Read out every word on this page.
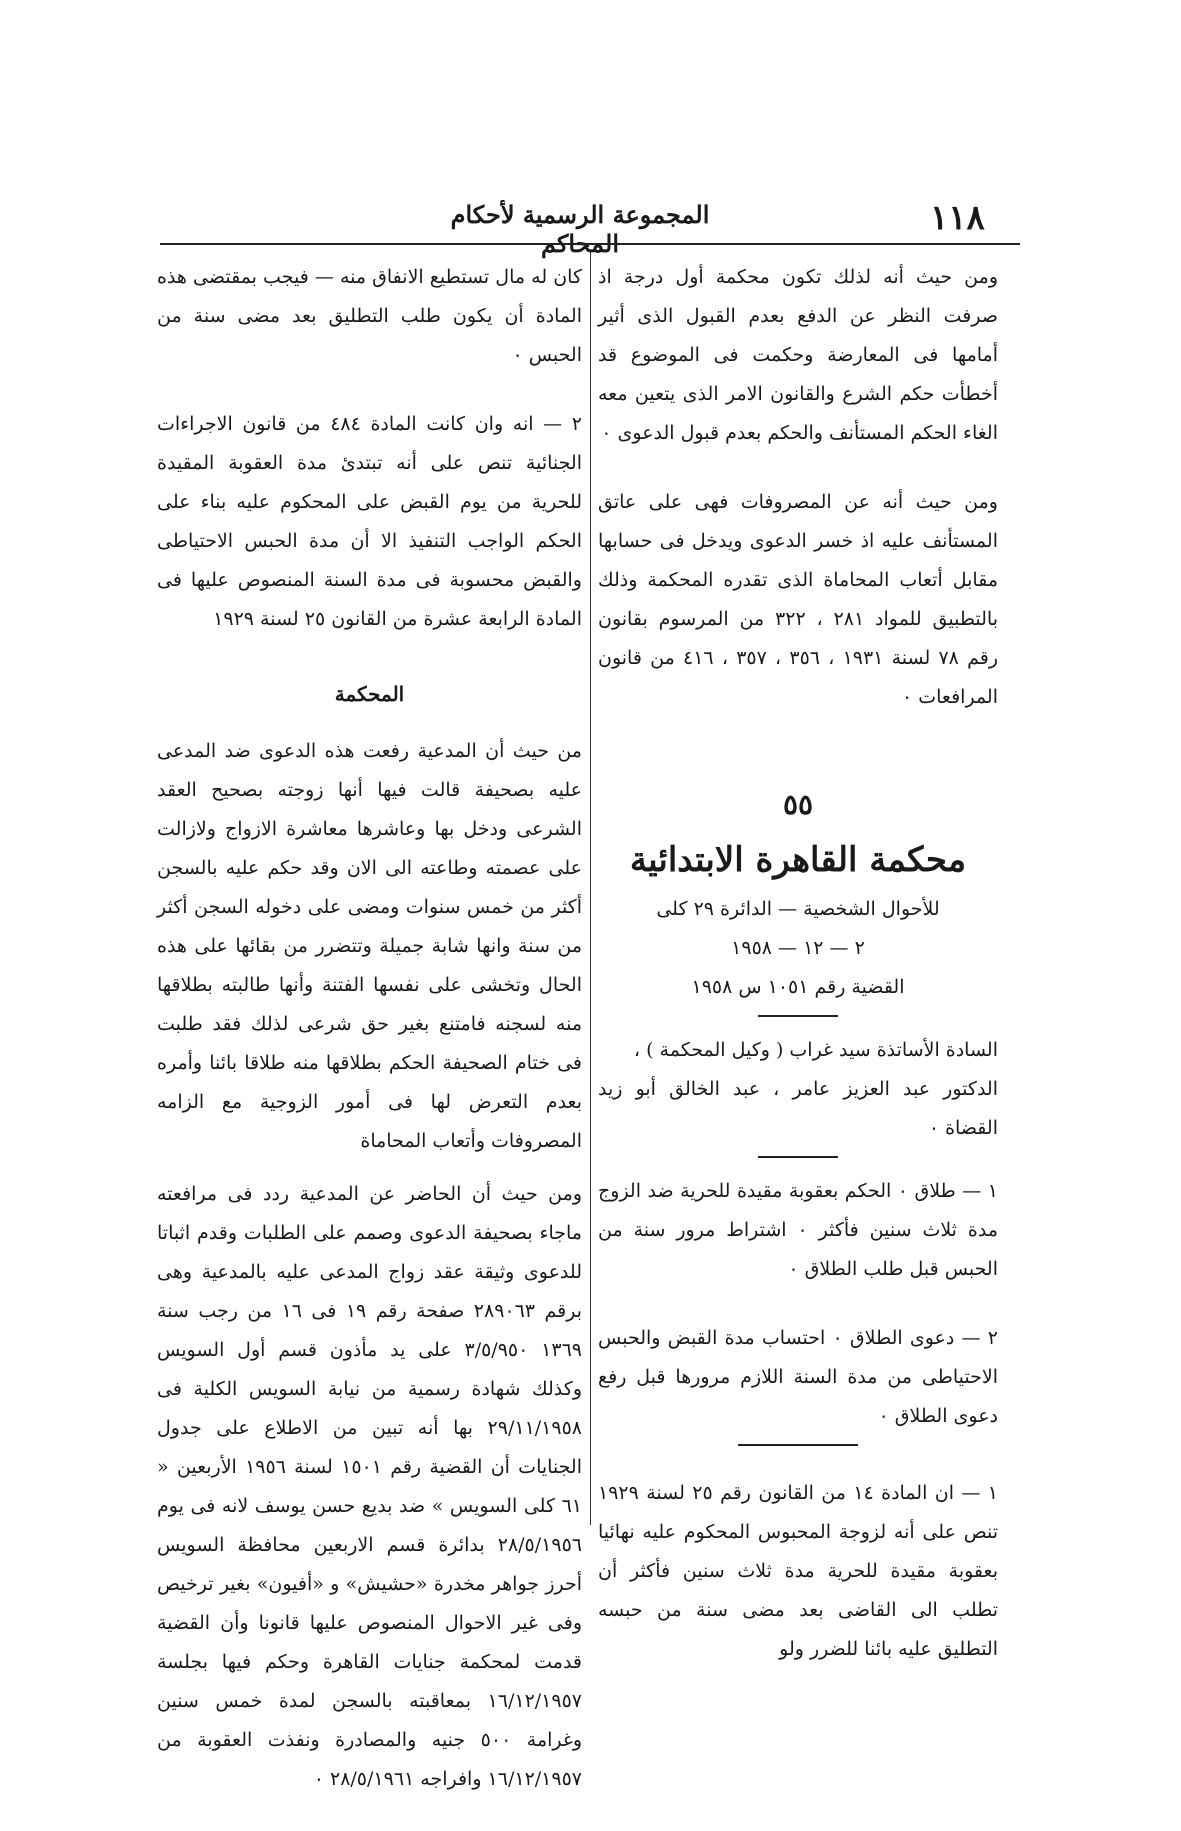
١١٨
المجموعة الرسمية لأحكام المحاكم

ومن حيث أنه لذلك تكون محكمة أول درجة اذ صرفت النظر عن الدفع بعدم القبول الذى أثير أمامها فى المعارضة وحكمت فى الموضوع قد أخطأت حكم الشرع والقانون الامر الذى يتعين معه الغاء الحكم المستأنف والحكم بعدم قبول الدعوى ٠

ومن حيث أنه عن المصروفات فهى على عاتق المستأنف عليه اذ خسر الدعوى ويدخل فى حسابها مقابل أتعاب المحاماة الذى تقدره المحكمة وذلك بالتطبيق للمواد ٢٨١ ، ٣٢٢ من المرسوم بقانون رقم ٧٨ لسنة ١٩٣١ ، ٣٥٦ ، ٣٥٧ ، ٤١٦ من قانون المرافعات ٠

٥٥
محكمة القاهرة الابتدائية
للأحوال الشخصية — الدائرة ٢٩ كلى
٢ — ١٢ — ١٩٥٨
القضية رقم ١٠٥١ س ١٩٥٨

السادة الأساتذة سيد غراب ( وكيل المحكمة ) ،

الدكتور عبد العزيز عامر ، عبد الخالق أبو زيد القضاة ٠

١ — طلاق ٠ الحكم بعقوبة مقيدة للحرية ضد الزوج مدة ثلاث سنين فأكثر ٠ اشتراط مرور سنة من الحبس قبل طلب الطلاق ٠

٢ — دعوى الطلاق ٠ احتساب مدة القبض والحبس الاحتياطى من مدة السنة اللازم مرورها قبل رفع دعوى الطلاق ٠

١ — ان المادة ١٤ من القانون رقم ٢٥ لسنة ١٩٢٩ تنص على أنه لزوجة المحبوس المحكوم عليه نهائيا بعقوبة مقيدة للحرية مدة ثلاث سنين فأكثر أن تطلب الى القاضى بعد مضى سنة من حبسه التطليق عليه بائنا للضرر ولو

كان له مال تستطيع الانفاق منه — فيجب بمقتضى هذه المادة أن يكون طلب التطليق بعد مضى سنة من الحبس ٠

٢ — انه وان كانت المادة ٤٨٤ من قانون الاجراءات الجنائية تنص على أنه تبتدئ مدة العقوبة المقيدة للحرية من يوم القبض على المحكوم عليه بناء على الحكم الواجب التنفيذ الا أن مدة الحبس الاحتياطى والقبض محسوبة فى مدة السنة المنصوص عليها فى المادة الرابعة عشرة من القانون ٢٥ لسنة ١٩٢٩

المحكمة

من حيث أن المدعية رفعت هذه الدعوى ضد المدعى عليه بصحيفة قالت فيها أنها زوجته بصحيح العقد الشرعى ودخل بها وعاشرها معاشرة الازواج ولازالت على عصمته وطاعته الى الان وقد حكم عليه بالسجن أكثر من خمس سنوات ومضى على دخوله السجن أكثر من سنة وانها شابة جميلة وتتضرر من بقائها على هذه الحال وتخشى على نفسها الفتنة وأنها طالبته بطلاقها منه لسجنه فامتنع بغير حق شرعى لذلك فقد طلبت فى ختام الصحيفة الحكم بطلاقها منه طلاقا بائنا وأمره بعدم التعرض لها فى أمور الزوجية مع الزامه المصروفات وأتعاب المحاماة

ومن حيث أن الحاضر عن المدعية ردد فى مرافعته ماجاء بصحيفة الدعوى وصمم على الطلبات وقدم اثباتا للدعوى وثيقة عقد زواج المدعى عليه بالمدعية وهى برقم ٢٨٩٠٦٣ صفحة رقم ١٩ فى ١٦ من رجب سنة ١٣٦٩ ٣/٥/٩٥٠ على يد مأذون قسم أول السويس وكذلك شهادة رسمية من نيابة السويس الكلية فى ٢٩/١١/١٩٥٨ بها أنه تبين من الاطلاع على جدول الجنايات أن القضية رقم ١٥٠١ لسنة ١٩٥٦ الأربعين « ٦١ كلى السويس » ضد بديع حسن يوسف لانه فى يوم ٢٨/٥/١٩٥٦ بدائرة قسم الاربعين محافظة السويس أحرز جواهر مخدرة «حشيش» و «أفيون» بغير ترخيص وفى غير الاحوال المنصوص عليها قانونا وأن القضية قدمت لمحكمة جنايات القاهرة وحكم فيها بجلسة ١٦/١٢/١٩٥٧ بمعاقبته بالسجن لمدة خمس سنين وغرامة ٥٠٠ جنيه والمصادرة ونفذت العقوبة من ١٦/١٢/١٩٥٧ وافراجه ٢٨/٥/١٩٦١ ٠
